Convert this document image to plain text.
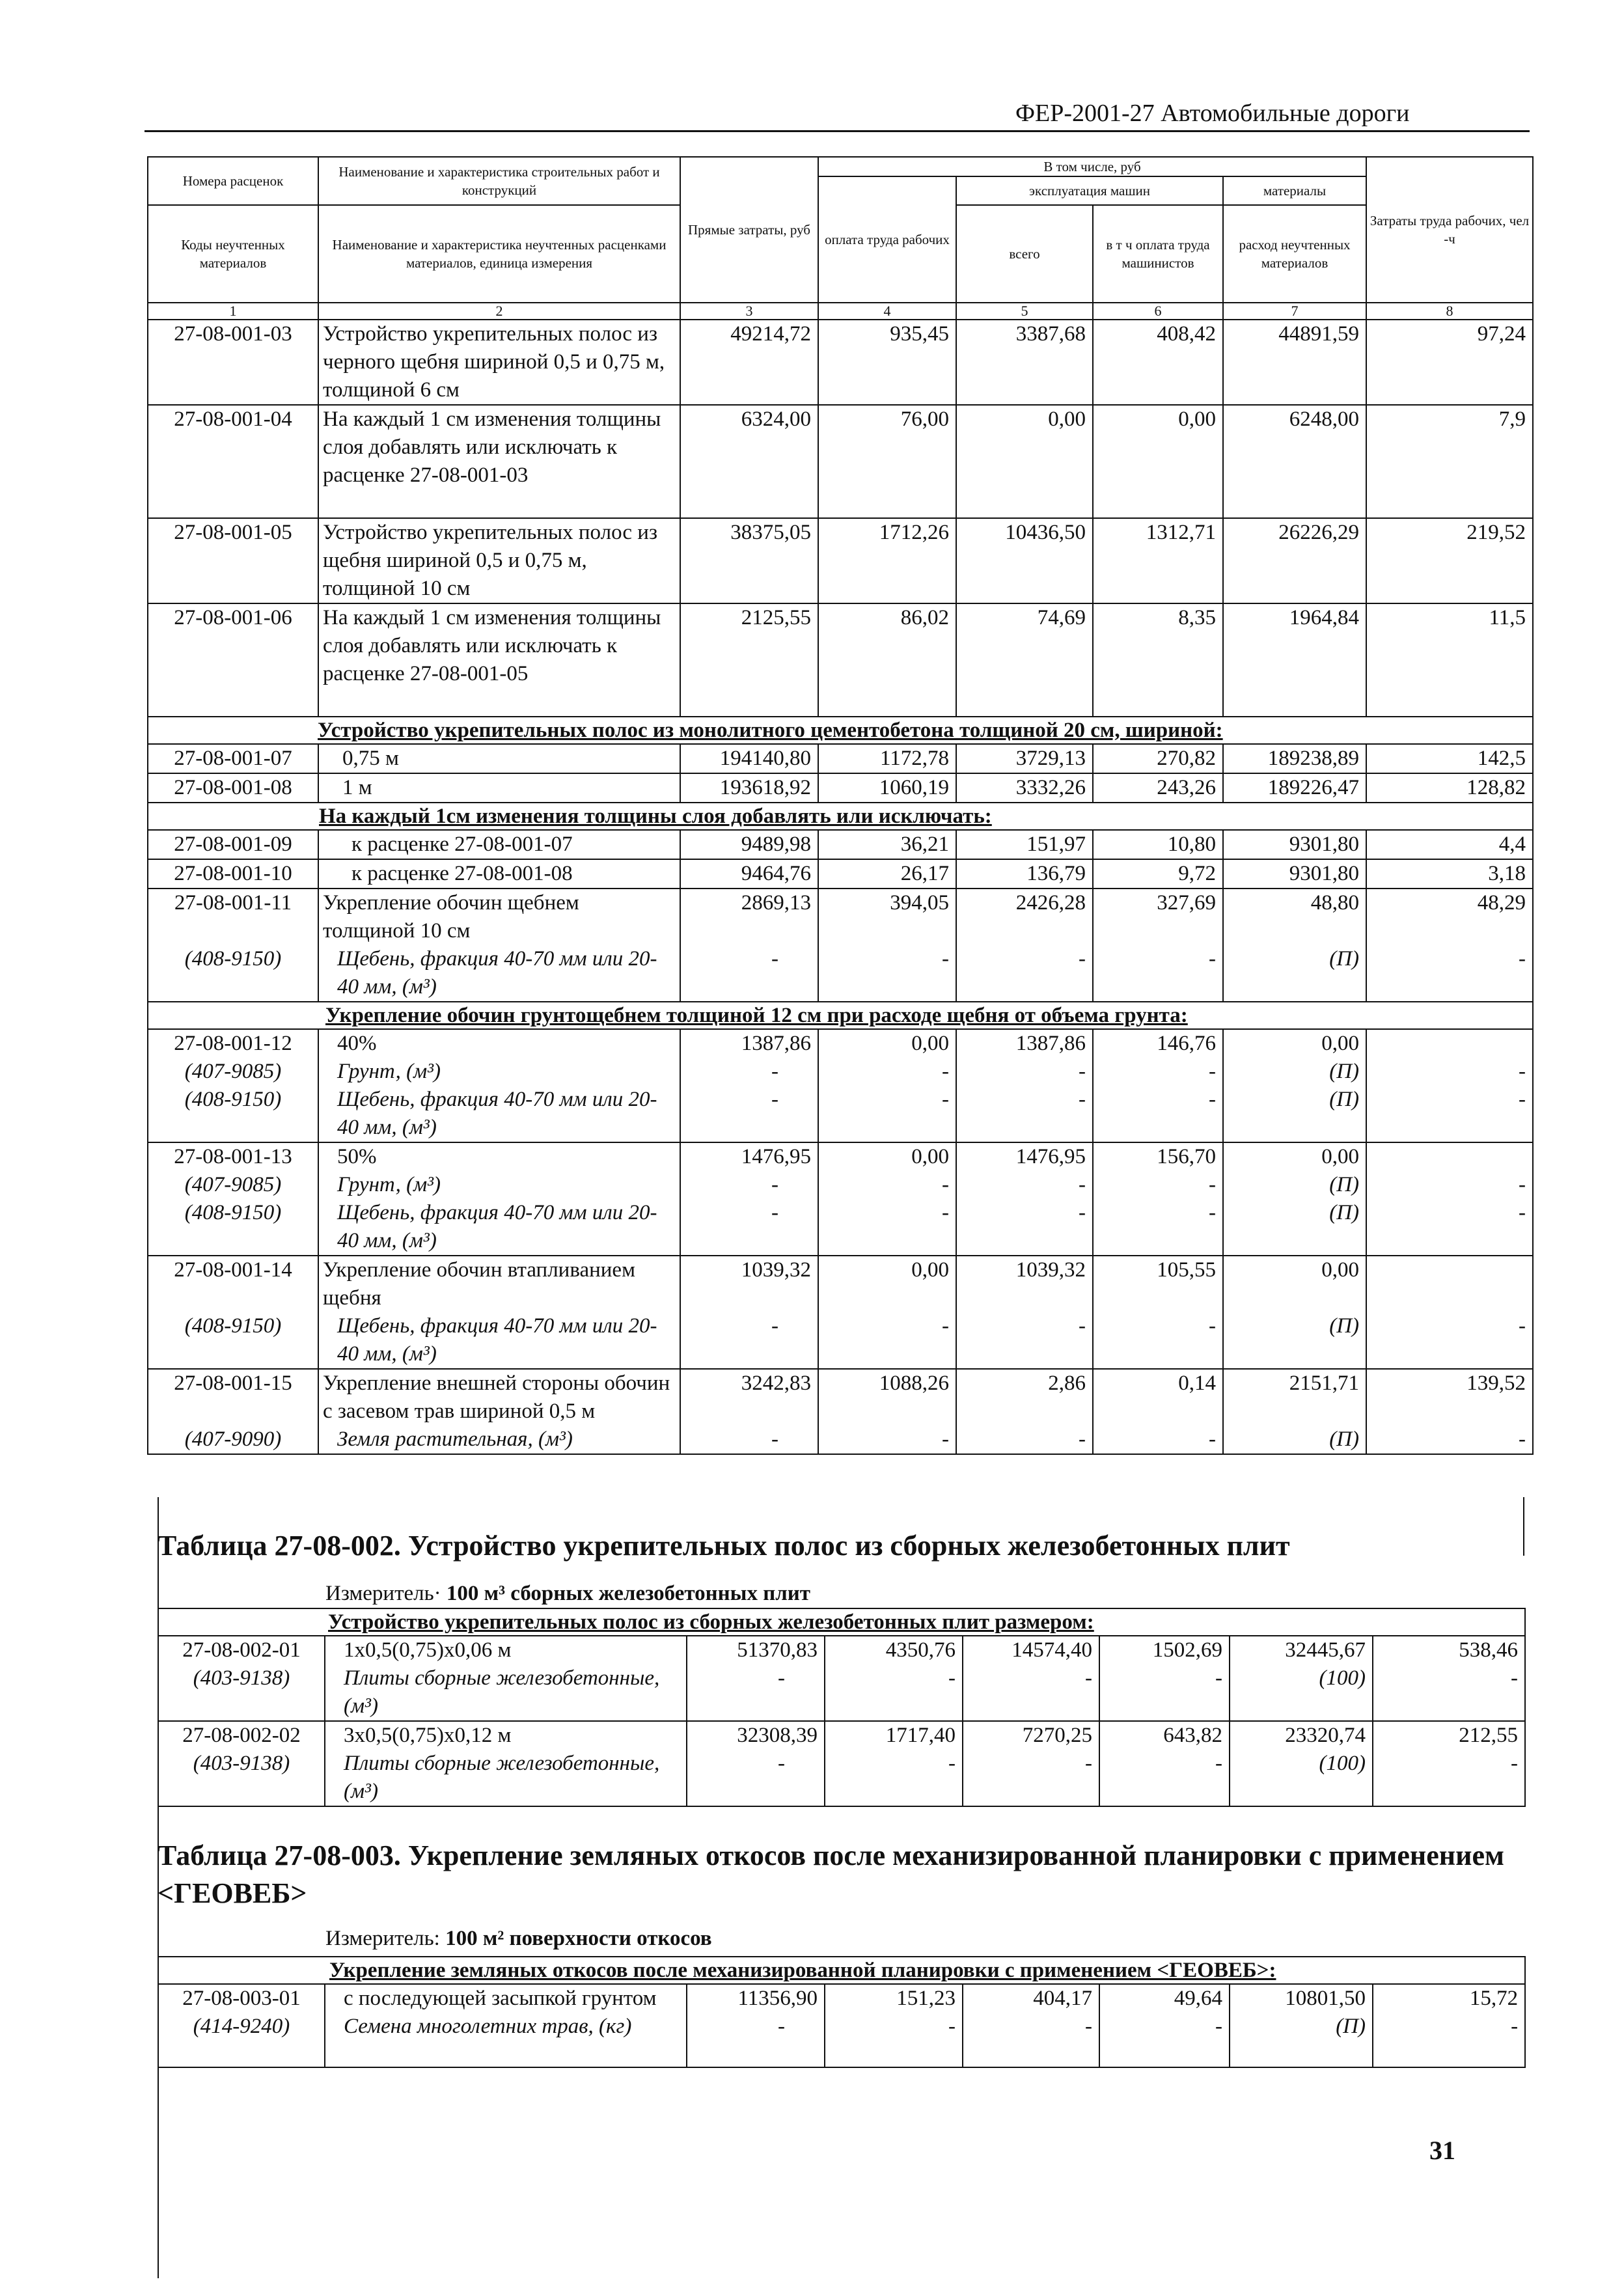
ФЕР-2001-27 Автомобильные дороги
Номера расценок	Наименование и характеристика строительных работ и конструкций	Прямые затраты, руб	В том числе, руб				Затраты труда рабочих, чел -ч
			оплата труда рабочих	эксплуатация машин		материалы	
Коды неучтенных материалов	Наименование и характеристика неучтенных расценками материалов, единица измерения			всего	в т ч оплата труда машинистов	расход неучтенных материалов	

1	2	3	4	5	6	7	8
27-08-001-03	Устройство укрепительных полос из черного щебня шириной 0,5 и 0,75 м, толщиной 6 см	49214,72	935,45	3387,68	408,42	44891,59	97,24
27-08-001-04	На каждый 1 см изменения толщины слоя добавлять или исключать к расценке 27-08-001-03	6324,00	76,00	0,00	0,00	6248,00	7,9
27-08-001-05	Устройство укрепительных полос из щебня шириной 0,5 и 0,75 м, толщиной 10 см	38375,05	1712,26	10436,50	1312,71	26226,29	219,52
27-08-001-06	На каждый 1 см изменения толщины слоя добавлять или исключать к расценке 27-08-001-05	2125,55	86,02	74,69	8,35	1964,84	11,5
Устройство укрепительных полос из монолитного цементобетона толщиной 20 см, шириной:							
27-08-001-07	0,75 м	194140,80	1172,78	3729,13	270,82	189238,89	142,5
27-08-001-08	1 м	193618,92	1060,19	3332,26	243,26	189226,47	128,82
На каждый 1см изменения толщины слоя добавлять или исключать:							
27-08-001-09	к расценке 27-08-001-07	9489,98	36,21	151,97	10,80	9301,80	4,4
27-08-001-10	к расценке 27-08-001-08	9464,76	26,17	136,79	9,72	9301,80	3,18
27-08-001-11	Укрепление обочин щебнем толщиной 10 см	2869,13	394,05	2426,28	327,69	48,80	48,29
(408-9150)	Щебень, фракция 40-70 мм или 20-40 мм, (м³)	-	-	-	-	(П)	-
Укрепление обочин грунтощебнем толщиной 12 см при расходе щебня от объема грунта:							
27-08-001-12	40%	1387,86	0,00	1387,86	146,76	0,00	
(407-9085)	Грунт, (м³)	-	-	-	-	(П)	-
(408-9150)	Щебень, фракция 40-70 мм или 20-40 мм, (м³)	-	-	-	-	(П)	-
27-08-001-13	50%	1476,95	0,00	1476,95	156,70	0,00	
(407-9085)	Грунт, (м³)	-	-	-	-	(П)	-
(408-9150)	Щебень, фракция 40-70 мм или 20-40 мм, (м³)	-	-	-	-	(П)	-
27-08-001-14	Укрепление обочин втапливанием щебня	1039,32	0,00	1039,32	105,55	0,00	
(408-9150)	Щебень, фракция 40-70 мм или 20-40 мм, (м³)	-	-	-	-	(П)	-
27-08-001-15	Укрепление внешней стороны обочин с засевом трав шириной 0,5 м	3242,83	1088,26	2,86	0,14	2151,71	139,52
(407-9090)	Земля растительная, (м³)	-	-	-	-	(П)	-
Таблица 27-08-002. Устройство укрепительных полос из сборных железобетонных плит
Измеритель· 100 м³ сборных железобетонных плит
Устройство укрепительных полос из сборных железобетонных плит размером:							
27-08-002-01	1x0,5(0,75)x0,06 м	51370,83	4350,76	14574,40	1502,69	32445,67	538,46
(403-9138)	Плиты сборные железобетонные, (м³)	-	-	-	-	(100)	-
27-08-002-02	3x0,5(0,75)x0,12 м	32308,39	1717,40	7270,25	643,82	23320,74	212,55
(403-9138)	Плиты сборные железобетонные, (м³)	-	-	-	-	(100)	-
Таблица 27-08-003. Укрепление земляных откосов после механизированной планировки с применением <ГЕОВЕБ>
Измеритель: 100 м² поверхности откосов
Укрепление земляных откосов после механизированной планировки с применением <ГЕОВЕБ>:							
27-08-003-01	с последующей засыпкой грунтом	11356,90	151,23	404,17	49,64	10801,50	15,72
(414-9240)	Семена многолетних трав, (кг)	-	-	-	-	(П)	-
31
